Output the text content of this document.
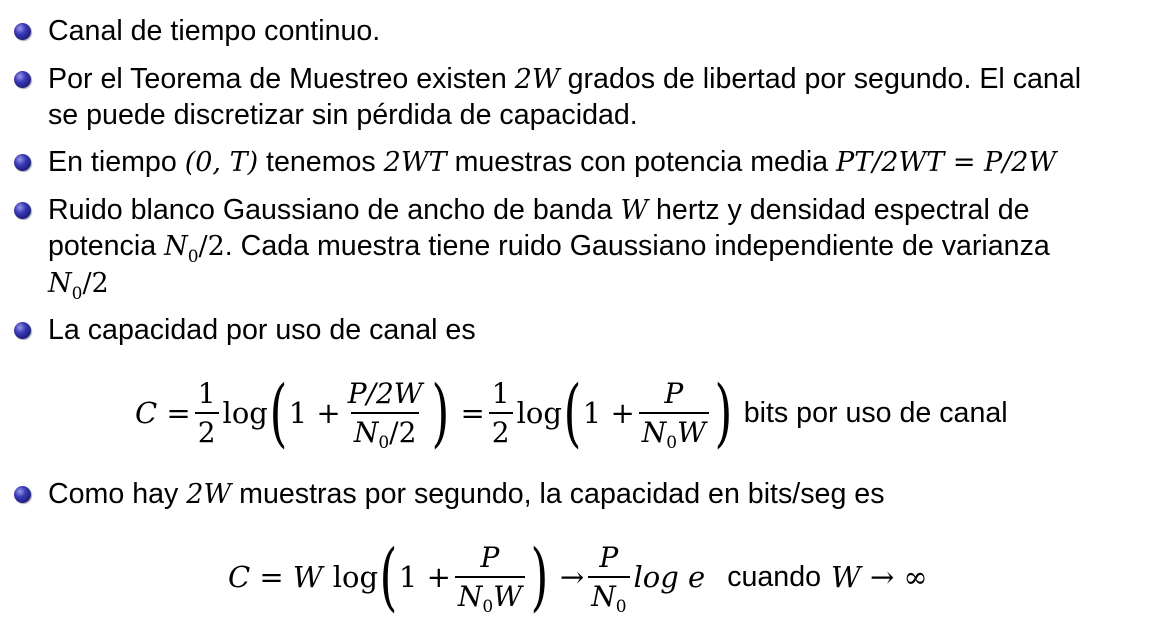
Canal de tiempo continuo.
Por el Teorema de Muestreo existen 2W grados de libertad por segundo. El canal
se puede discretizar sin pérdida de capacidad.
En tiempo (0, T) tenemos 2WT muestras con potencia media PT/2WT = P/2W
Ruido blanco Gaussiano de ancho de banda W hertz y densidad espectral de
potencia $N_0/2$. Cada muestra tiene ruido Gaussiano independiente de varianza
$N_0/2$
La capacidad por uso de canal es
$C = \frac{1}{2}$ log ( $1 + \frac{P/2W}{N_0/2}$ ) = $\frac{1}{2}$ log ( $1 + \frac{P}{N_0W}$ ) bits por uso de canal
Como hay 2W muestras por segundo, la capacidad en bits/seg es
C = W log ( $1 + \frac{P}{N_0W}$ ) → $\frac{P}{N_0}$ log e cuando W → ∞
